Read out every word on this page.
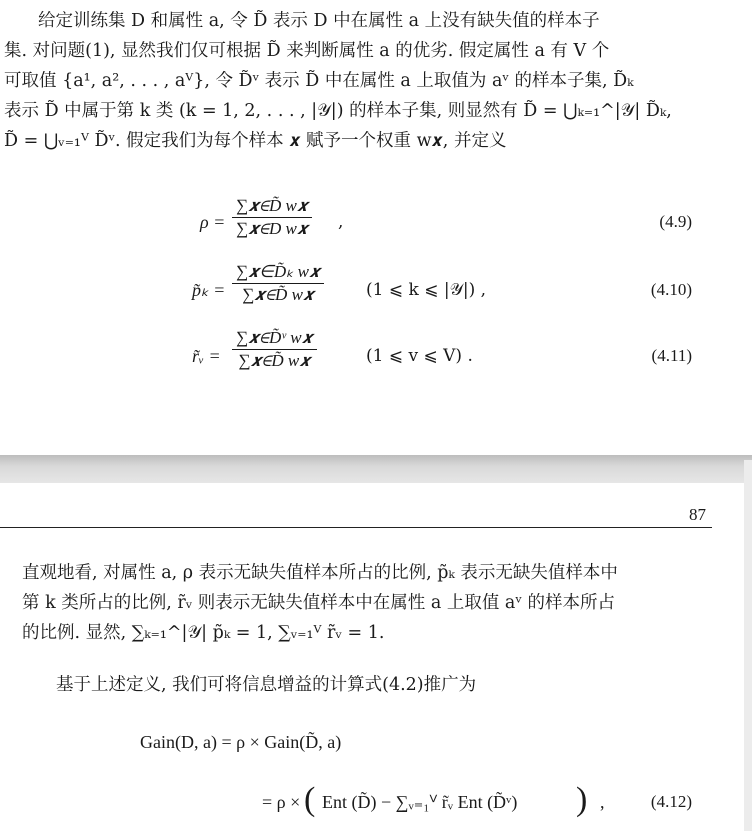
给定训练集 D 和属性 a, 令 D̃ 表示 D 中在属性 a 上没有缺失值的样本子
集. 对问题(1), 显然我们仅可根据 D̃ 来判断属性 a 的优劣. 假定属性 a 有 V 个
可取值 {a¹, a², . . . , aⱽ}, 令 D̃ᵛ 表示 D̃ 中在属性 a 上取值为 aᵛ 的样本子集, D̃ₖ
表示 D̃ 中属于第 k 类 (k = 1, 2, . . . , |𝒴|) 的样本子集, 则显然有 D̃ = ⋃ₖ₌₁^|𝒴| D̃ₖ,
D̃ = ⋃ᵥ₌₁ⱽ D̃ᵛ. 假定我们为每个样本 𝒙 赋予一个权重 w𝒙, 并定义
ρ =
∑𝒙∈D̃ w𝒙
∑𝒙∈D w𝒙 ,	(4.9)
p̃ₖ =
∑𝒙∈D̃ₖ w𝒙
∑𝒙∈D̃ w𝒙	(1 ⩽ k ⩽ |𝒴|) ,	(4.10)
r̃ᵥ =
∑𝒙∈D̃ᵛ w𝒙
∑𝒙∈D̃ w𝒙	(1 ⩽ v ⩽ V) .	(4.11)
87
直观地看, 对属性 a, ρ 表示无缺失值样本所占的比例, p̃ₖ 表示无缺失值样本中
第 k 类所占的比例, r̃ᵥ 则表示无缺失值样本中在属性 a 上取值 aᵛ 的样本所占
的比例. 显然, ∑ₖ₌₁^|𝒴| p̃ₖ = 1, ∑ᵥ₌₁ⱽ r̃ᵥ = 1.
基于上述定义, 我们可将信息增益的计算式(4.2)推广为
Gain(D, a) = ρ × Gain(D̃, a)
= ρ × ( Ent (D̃) − ∑ᵥ₌₁ⱽ r̃ᵥ Ent (D̃ᵛ) ) ,	(4.12)
